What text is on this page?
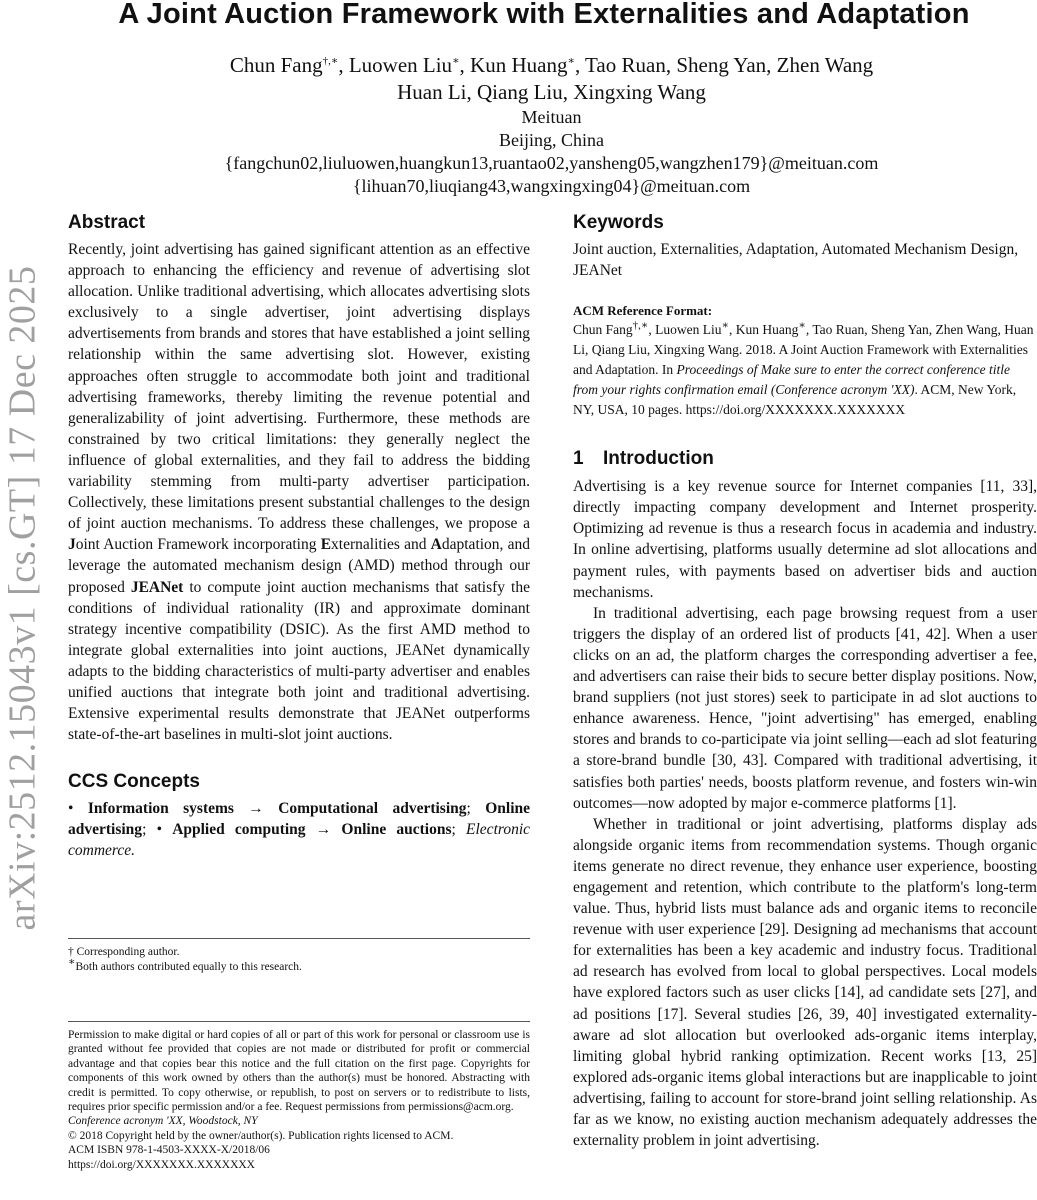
arXiv:2512.15043v1 [cs.GT] 17 Dec 2025
A Joint Auction Framework with Externalities and Adaptation
Chun Fang†,∗, Luowen Liu∗, Kun Huang∗, Tao Ruan, Sheng Yan, Zhen Wang
Huan Li, Qiang Liu, Xingxing Wang
Meituan
Beijing, China
{fangchun02,liuluowen,huangkun13,ruantao02,yansheng05,wangzhen179}@meituan.com
{lihuan70,liuqiang43,wangxingxing04}@meituan.com
Abstract

Recently, joint advertising has gained significant attention as an effective approach to enhancing the efficiency and revenue of advertising slot allocation. Unlike traditional advertising, which allocates advertising slots exclusively to a single advertiser, joint advertising displays advertisements from brands and stores that have established a joint selling relationship within the same advertising slot. However, existing approaches often struggle to accommodate both joint and traditional advertising frameworks, thereby limiting the revenue potential and generalizability of joint advertising. Furthermore, these methods are constrained by two critical limitations: they generally neglect the influence of global externalities, and they fail to address the bidding variability stemming from multi-party advertiser participation. Collectively, these limitations present substantial challenges to the design of joint auction mechanisms. To address these challenges, we propose a Joint Auction Framework incorporating Externalities and Adaptation, and leverage the automated mechanism design (AMD) method through our proposed JEANet to compute joint auction mechanisms that satisfy the conditions of individual rationality (IR) and approximate dominant strategy incentive compatibility (DSIC). As the first AMD method to integrate global externalities into joint auctions, JEANet dynamically adapts to the bidding characteristics of multi-party advertiser and enables unified auctions that integrate both joint and traditional advertising. Extensive experimental results demonstrate that JEANet outperforms state-of-the-art baselines in multi-slot joint auctions.

CCS Concepts

• Information systems → Computational advertising; Online advertising; • Applied computing → Online auctions; Electronic commerce.

† Corresponding author.
∗Both authors contributed equally to this research.

Permission to make digital or hard copies of all or part of this work for personal or classroom use is granted without fee provided that copies are not made or distributed for profit or commercial advantage and that copies bear this notice and the full citation on the first page. Copyrights for components of this work owned by others than the author(s) must be honored. Abstracting with credit is permitted. To copy otherwise, or republish, to post on servers or to redistribute to lists, requires prior specific permission and/or a fee. Request permissions from permissions@acm.org.

Conference acronym 'XX, Woodstock, NY
© 2018 Copyright held by the owner/author(s). Publication rights licensed to ACM.
ACM ISBN 978-1-4503-XXXX-X/2018/06
https://doi.org/XXXXXXX.XXXXXXX
Keywords

Joint auction, Externalities, Adaptation, Automated Mechanism Design, JEANet

ACM Reference Format:

Chun Fang†,∗, Luowen Liu∗, Kun Huang∗, Tao Ruan, Sheng Yan, Zhen Wang, Huan Li, Qiang Liu, Xingxing Wang. 2018. A Joint Auction Framework with Externalities and Adaptation. In Proceedings of Make sure to enter the correct conference title from your rights confirmation email (Conference acronym 'XX). ACM, New York, NY, USA, 10 pages. https://doi.org/XXXXXXX.XXXXXXX

1 Introduction

Advertising is a key revenue source for Internet companies [11, 33], directly impacting company development and Internet prosperity. Optimizing ad revenue is thus a research focus in academia and industry. In online advertising, platforms usually determine ad slot allocations and payment rules, with payments based on advertiser bids and auction mechanisms.

In traditional advertising, each page browsing request from a user triggers the display of an ordered list of products [41, 42]. When a user clicks on an ad, the platform charges the corresponding advertiser a fee, and advertisers can raise their bids to secure better display positions. Now, brand suppliers (not just stores) seek to participate in ad slot auctions to enhance awareness. Hence, "joint advertising" has emerged, enabling stores and brands to co-participate via joint selling—each ad slot featuring a store-brand bundle [30, 43]. Compared with traditional advertising, it satisfies both parties' needs, boosts platform revenue, and fosters win-win outcomes—now adopted by major e-commerce platforms [1].

Whether in traditional or joint advertising, platforms display ads alongside organic items from recommendation systems. Though organic items generate no direct revenue, they enhance user experience, boosting engagement and retention, which contribute to the platform's long-term value. Thus, hybrid lists must balance ads and organic items to reconcile revenue with user experience [29]. Designing ad mechanisms that account for externalities has been a key academic and industry focus. Traditional ad research has evolved from local to global perspectives. Local models have explored factors such as user clicks [14], ad candidate sets [27], and ad positions [17]. Several studies [26, 39, 40] investigated externality-aware ad slot allocation but overlooked ads-organic items interplay, limiting global hybrid ranking optimization. Recent works [13, 25] explored ads-organic items global interactions but are inapplicable to joint advertising, failing to account for store-brand joint selling relationship. As far as we know, no existing auction mechanism adequately addresses the externality problem in joint advertising.
